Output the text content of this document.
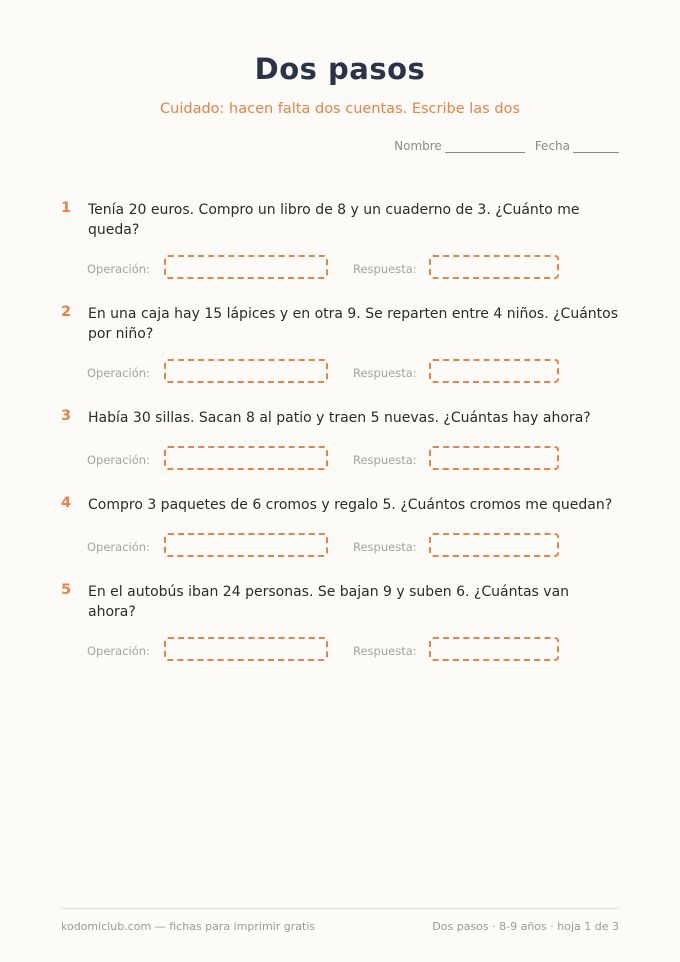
Dos pasos
Cuidado: hacen falta dos cuentas. Escribe las dos
Nombre	Fecha
1 Tenía 20 euros. Compro un libro de 8 y un cuaderno de 3. ¿Cuánto me queda?
Operación:	Respuesta:
2 En una caja hay 15 lápices y en otra 9. Se reparten entre 4 niños. ¿Cuántos por niño?
Operación:	Respuesta:
3 Había 30 sillas. Sacan 8 al patio y traen 5 nuevas. ¿Cuántas hay ahora?
Operación:	Respuesta:
4 Compro 3 paquetes de 6 cromos y regalo 5. ¿Cuántos cromos me quedan?
Operación:	Respuesta:
5 En el autobús iban 24 personas. Se bajan 9 y suben 6. ¿Cuántas van ahora?
Operación:	Respuesta:
kodomiclub.com — fichas para imprimir gratis	Dos pasos · 8-9 años · hoja 1 de 3
